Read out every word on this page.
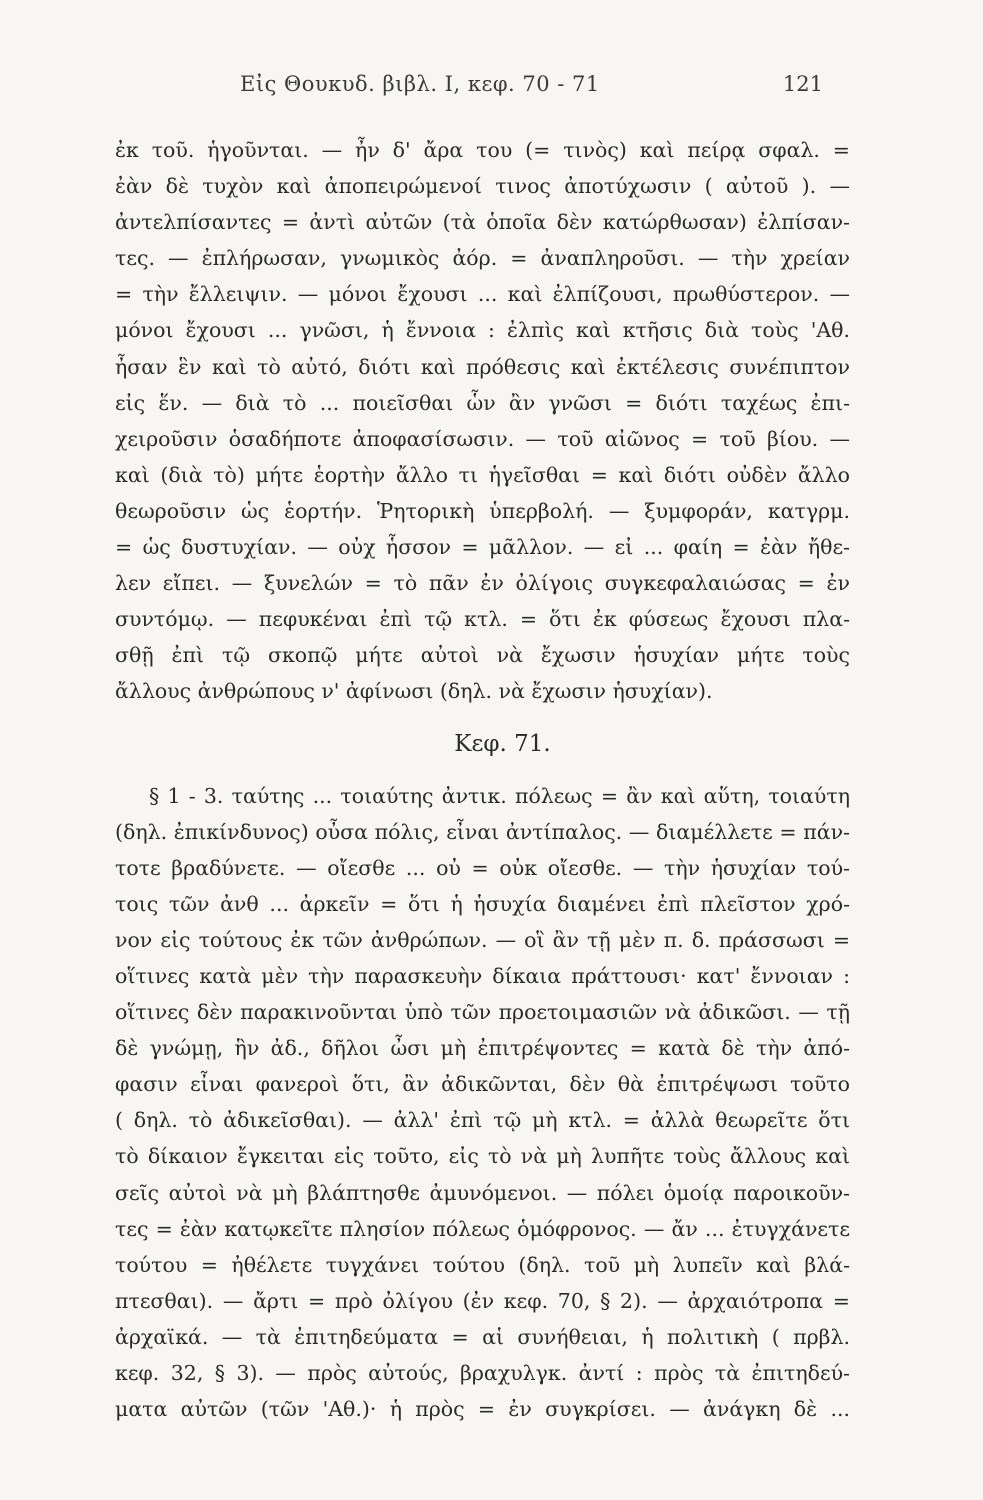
Εἰς Θουκυδ. βιβλ. I, κεφ. 70 - 71	121
ἐκ τοῦ. ἡγοῦνται. — ἦν δ' ἄρα του (= τινὸς) καὶ πείρᾳ σφαλ. =
ἐὰν δὲ τυχὸν καὶ ἀποπειρώμενοί τινος ἀποτύχωσιν ( αὐτοῦ ). —
ἀντελπίσαντες = ἀντὶ αὐτῶν (τὰ ὁποῖα δὲν κατώρθωσαν) ἐλπίσαν-
τες. — ἐπλήρωσαν, γνωμικὸς ἀόρ. = ἀναπληροῦσι. — τὴν χρείαν
= τὴν ἔλλειψιν. — μόνοι ἔχουσι ... καὶ ἐλπίζουσι, πρωθύστερον. —
μόνοι ἔχουσι ... γνῶσι, ἡ ἔννοια : ἐλπὶς καὶ κτῆσις διὰ τοὺς 'Αθ.
ἦσαν ἓν καὶ τὸ αὐτό, διότι καὶ πρόθεσις καὶ ἐκτέλεσις συνέπιπτον
εἰς ἕν. — διὰ τὸ ... ποιεῖσθαι ὧν ἂν γνῶσι = διότι ταχέως ἐπι-
χειροῦσιν ὁσαδήποτε ἀποφασίσωσιν. — τοῦ αἰῶνος = τοῦ βίου. —
καὶ (διὰ τὸ) μήτε ἑορτὴν ἄλλο τι ἡγεῖσθαι = καὶ διότι οὐδὲν ἄλλο
θεωροῦσιν ὡς ἑορτήν. Ῥητορικὴ ὑπερβολή. — ξυμφοράν, κατγρμ.
= ὡς δυστυχίαν. — οὐχ ἧσσον = μᾶλλον. — εἰ ... φαίη = ἐὰν ἤθε-
λεν εἴπει. — ξυνελών = τὸ πᾶν ἐν ὀλίγοις συγκεφαλαιώσας = ἐν
συντόμῳ. — πεφυκέναι ἐπὶ τῷ κτλ. = ὅτι ἐκ φύσεως ἔχουσι πλα-
σθῇ ἐπὶ τῷ σκοπῷ μήτε αὐτοὶ νὰ ἔχωσιν ἡσυχίαν μήτε τοὺς
ἄλλους ἀνθρώπους ν' ἀφίνωσι (δηλ. νὰ ἔχωσιν ἡσυχίαν).
Κεφ. 71.
§ 1 - 3. ταύτης ... τοιαύτης ἀντικ. πόλεως = ἂν καὶ αὕτη, τοιαύτη
(δηλ. ἐπικίνδυνος) οὖσα πόλις, εἶναι ἀντίπαλος. — διαμέλλετε = πάν-
τοτε βραδύνετε. — οἴεσθε ... οὐ = οὐκ οἴεσθε. — τὴν ἡσυχίαν τού-
τοις τῶν ἀνθ ... ἀρκεῖν = ὅτι ἡ ἡσυχία διαμένει ἐπὶ πλεῖστον χρό-
νον εἰς τούτους ἐκ τῶν ἀνθρώπων. — οἳ ἂν τῇ μὲν π. δ. πράσσωσι =
οἵτινες κατὰ μὲν τὴν παρασκευὴν δίκαια πράττουσι· κατ' ἔννοιαν :
οἵτινες δὲν παρακινοῦνται ὑπὸ τῶν προετοιμασιῶν νὰ ἀδικῶσι. — τῇ
δὲ γνώμῃ, ἣν ἀδ., δῆλοι ὦσι μὴ ἐπιτρέψοντες = κατὰ δὲ τὴν ἀπό-
φασιν εἶναι φανεροὶ ὅτι, ἂν ἀδικῶνται, δὲν θὰ ἐπιτρέψωσι τοῦτο
( δηλ. τὸ ἀδικεῖσθαι). — ἀλλ' ἐπὶ τῷ μὴ κτλ. = ἀλλὰ θεωρεῖτε ὅτι
τὸ δίκαιον ἔγκειται εἰς τοῦτο, εἰς τὸ νὰ μὴ λυπῆτε τοὺς ἄλλους καὶ
σεῖς αὐτοὶ νὰ μὴ βλάπτησθε ἀμυνόμενοι. — πόλει ὁμοίᾳ παροικοῦν-
τες = ἐὰν κατῳκεῖτε πλησίον πόλεως ὁμόφρονος. — ἄν ... ἐτυγχάνετε
τούτου = ἠθέλετε τυγχάνει τούτου (δηλ. τοῦ μὴ λυπεῖν καὶ βλά-
πτεσθαι). — ἄρτι = πρὸ ὀλίγου (ἐν κεφ. 70, § 2). — ἀρχαιότροπα =
ἀρχαϊκά. — τὰ ἐπιτηδεύματα = αἱ συνήθειαι, ἡ πολιτικὴ ( πρβλ.
κεφ. 32, § 3). — πρὸς αὐτούς, βραχυλγκ. ἀντί : πρὸς τὰ ἐπιτηδεύ-
ματα αὐτῶν (τῶν 'Αθ.)· ἡ πρὸς = ἐν συγκρίσει. — ἀνάγκη δὲ ...
